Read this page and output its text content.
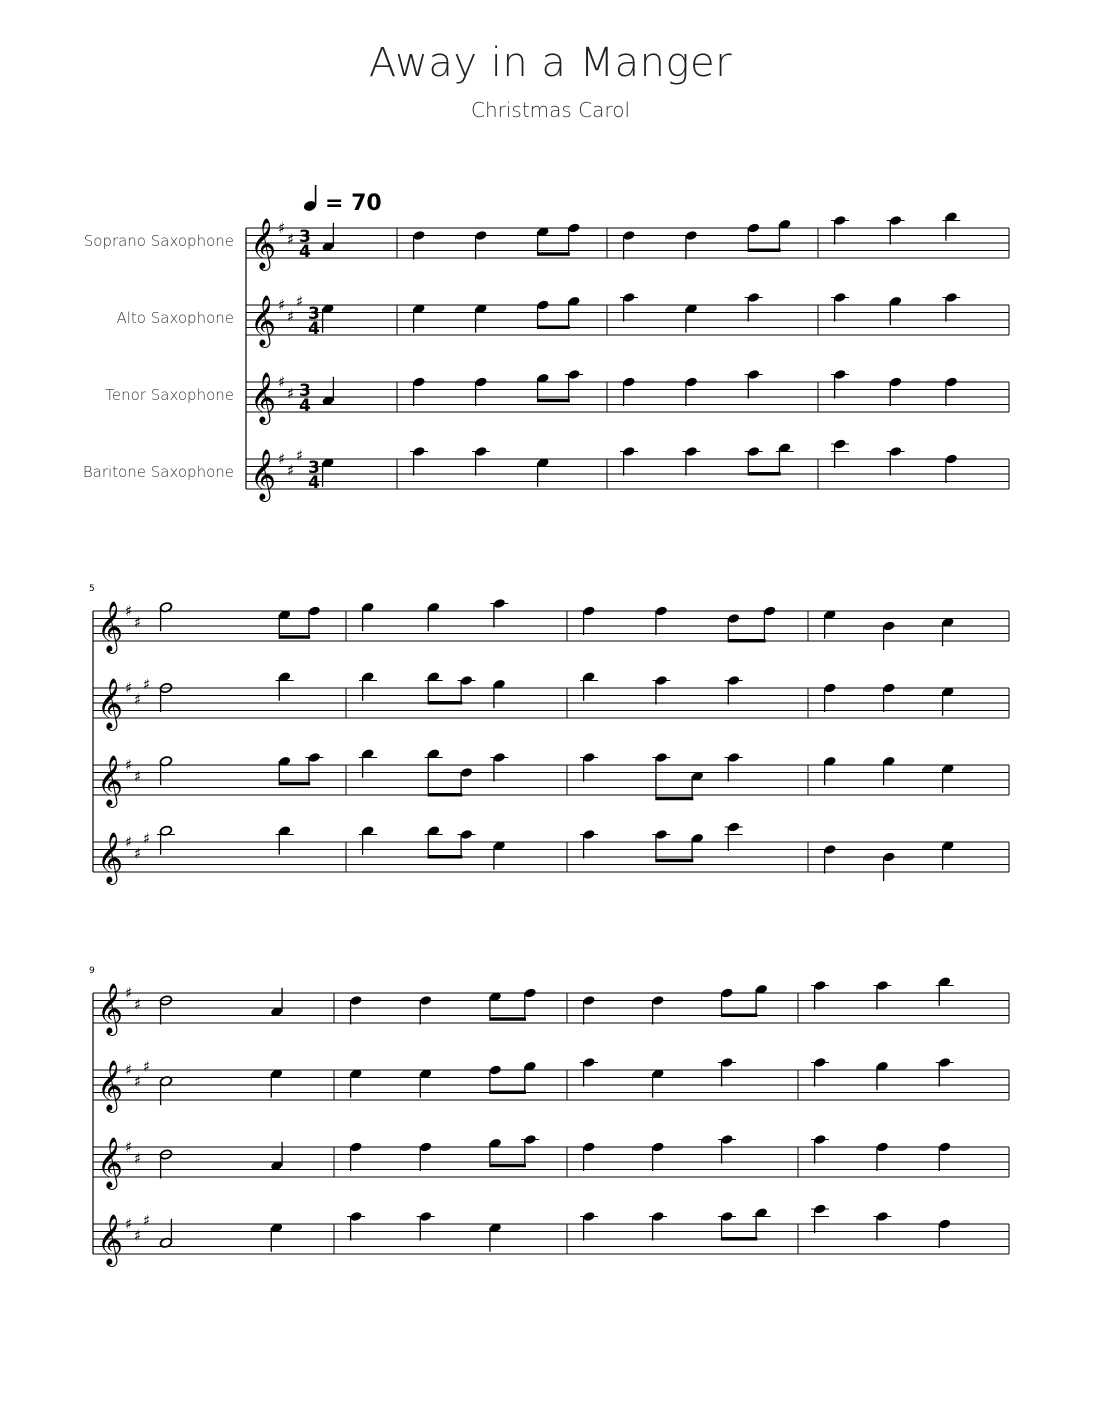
Away in a Manger
Christmas Carol
= 70
Soprano Saxophone 𝄞 ♯
♯ 3
4
Alto Saxophone 𝄞 ♯
♯
♯
3
4
Tenor Saxophone 𝄞 ♯
♯ 3
4
Baritone Saxophone 𝄞 ♯
♯
♯
3
4
5
𝄞 ♯
♯
𝄞 ♯
♯
♯
𝄞 ♯
♯
𝄞 ♯
♯
♯
9
𝄞 ♯
♯
𝄞 ♯
♯
♯
𝄞 ♯
♯
𝄞 ♯
♯
♯
